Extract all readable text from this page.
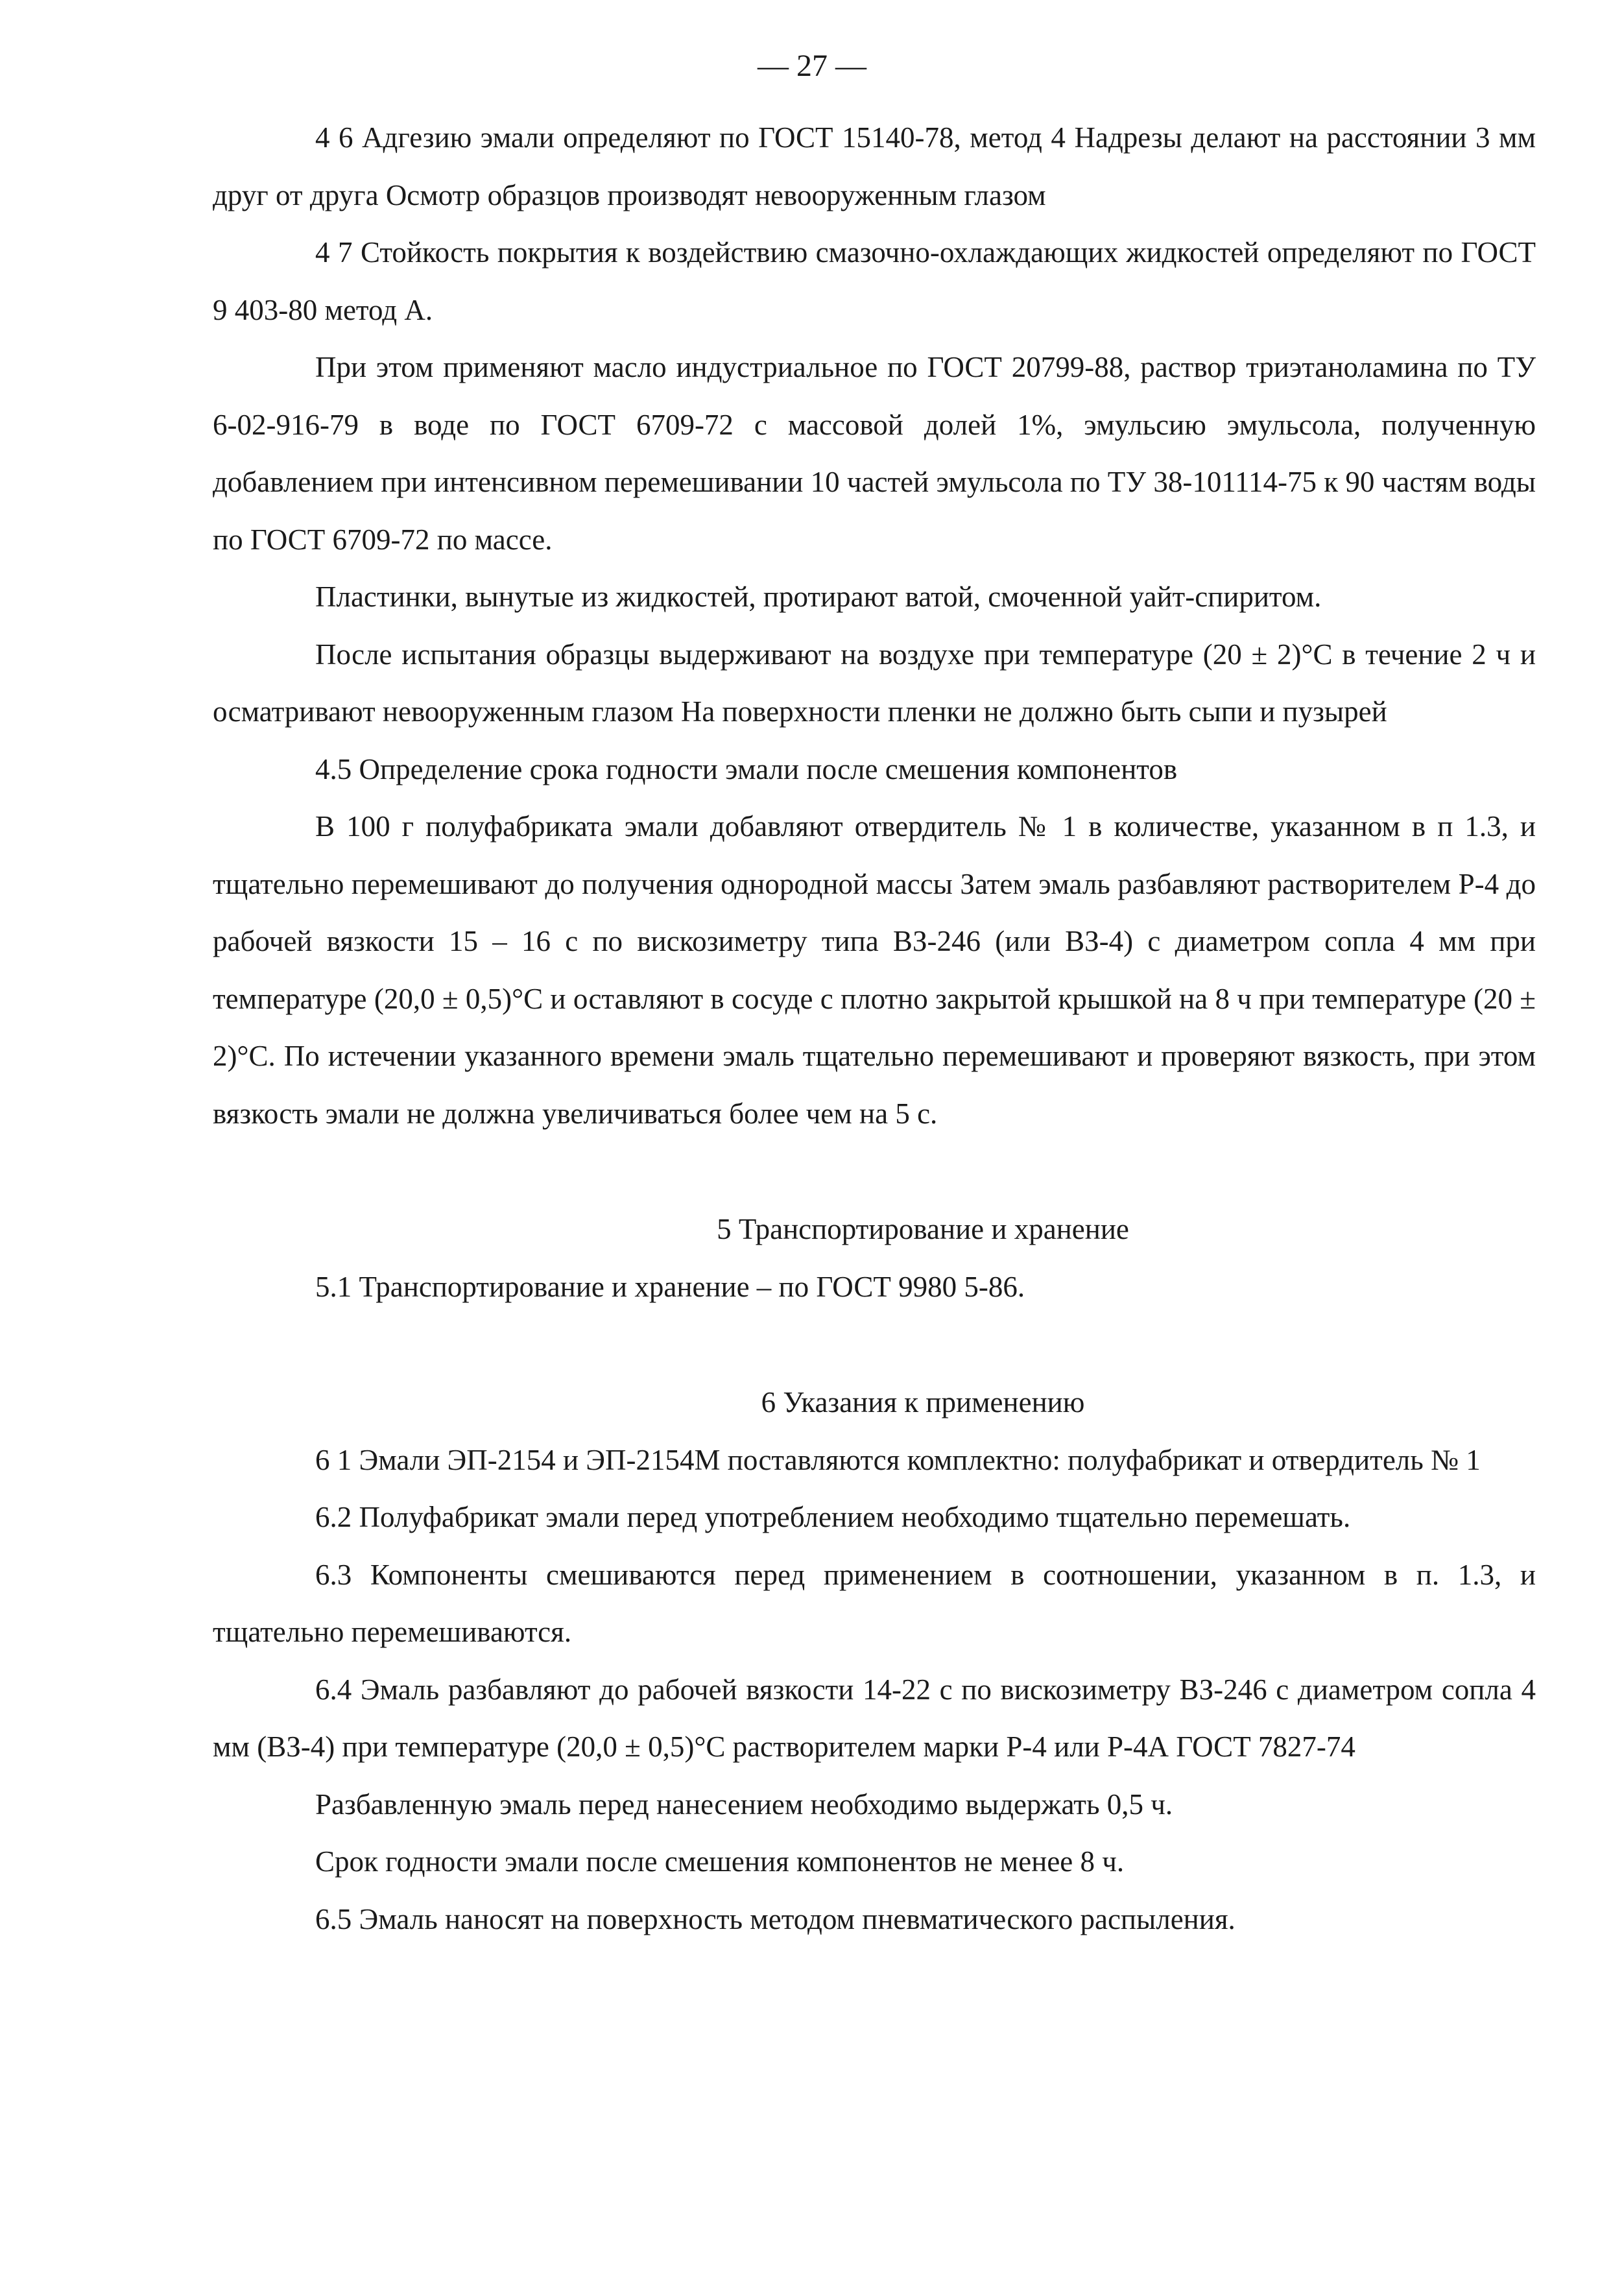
— 27 —

4 6 Адгезию эмали определяют по ГОСТ 15140-78, метод 4 Надрезы делают на расстоянии 3 мм друг от друга Осмотр образцов производят невооруженным глазом

4 7 Стойкость покрытия к воздействию смазочно-охлаждающих жидкостей определяют по ГОСТ 9 403-80 метод А.

При этом применяют масло индустриальное по ГОСТ 20799-88, раствор триэтаноламина по ТУ 6-02-916-79 в воде по ГОСТ 6709-72 с массовой долей 1%, эмульсию эмульсола, полученную добавлением при интенсивном перемешивании 10 частей эмульсола по ТУ 38-101114-75 к 90 частям воды по ГОСТ 6709-72 по массе.

Пластинки, вынутые из жидкостей, протирают ватой, смоченной уайт-спиритом.

После испытания образцы выдерживают на воздухе при температуре (20 ± 2)°С в течение 2 ч и осматривают невооруженным глазом На поверхности пленки не должно быть сыпи и пузырей

4.5 Определение срока годности эмали после смешения компонентов

В 100 г полуфабриката эмали добавляют отвердитель № 1 в количестве, указанном в п 1.3, и тщательно перемешивают до получения однородной массы Затем эмаль разбавляют растворителем Р-4 до рабочей вязкости 15 – 16 с по вискозиметру типа ВЗ-246 (или ВЗ-4) с диаметром сопла 4 мм при температуре (20,0 ± 0,5)°С и оставляют в сосуде с плотно закрытой крышкой на 8 ч при температуре (20 ± 2)°С. По истечении указанного времени эмаль тщательно перемешивают и проверяют вязкость, при этом вязкость эмали не должна увеличиваться более чем на 5 с.

5 Транспортирование и хранение

5.1 Транспортирование и хранение – по ГОСТ 9980 5-86.

6 Указания к применению

6 1 Эмали ЭП-2154 и ЭП-2154М поставляются комплектно: полуфабрикат и отвердитель № 1

6.2 Полуфабрикат эмали перед употреблением необходимо тщательно перемешать.

6.3 Компоненты смешиваются перед применением в соотношении, указанном в п. 1.3, и тщательно перемешиваются.

6.4 Эмаль разбавляют до рабочей вязкости 14-22 с по вискозиметру ВЗ-246 с диаметром сопла 4 мм (ВЗ-4) при температуре (20,0 ± 0,5)°С растворителем марки Р-4 или Р-4А ГОСТ 7827-74

Разбавленную эмаль перед нанесением необходимо выдержать 0,5 ч.

Срок годности эмали после смешения компонентов не менее 8 ч.

6.5 Эмаль наносят на поверхность методом пневматического распыления.
